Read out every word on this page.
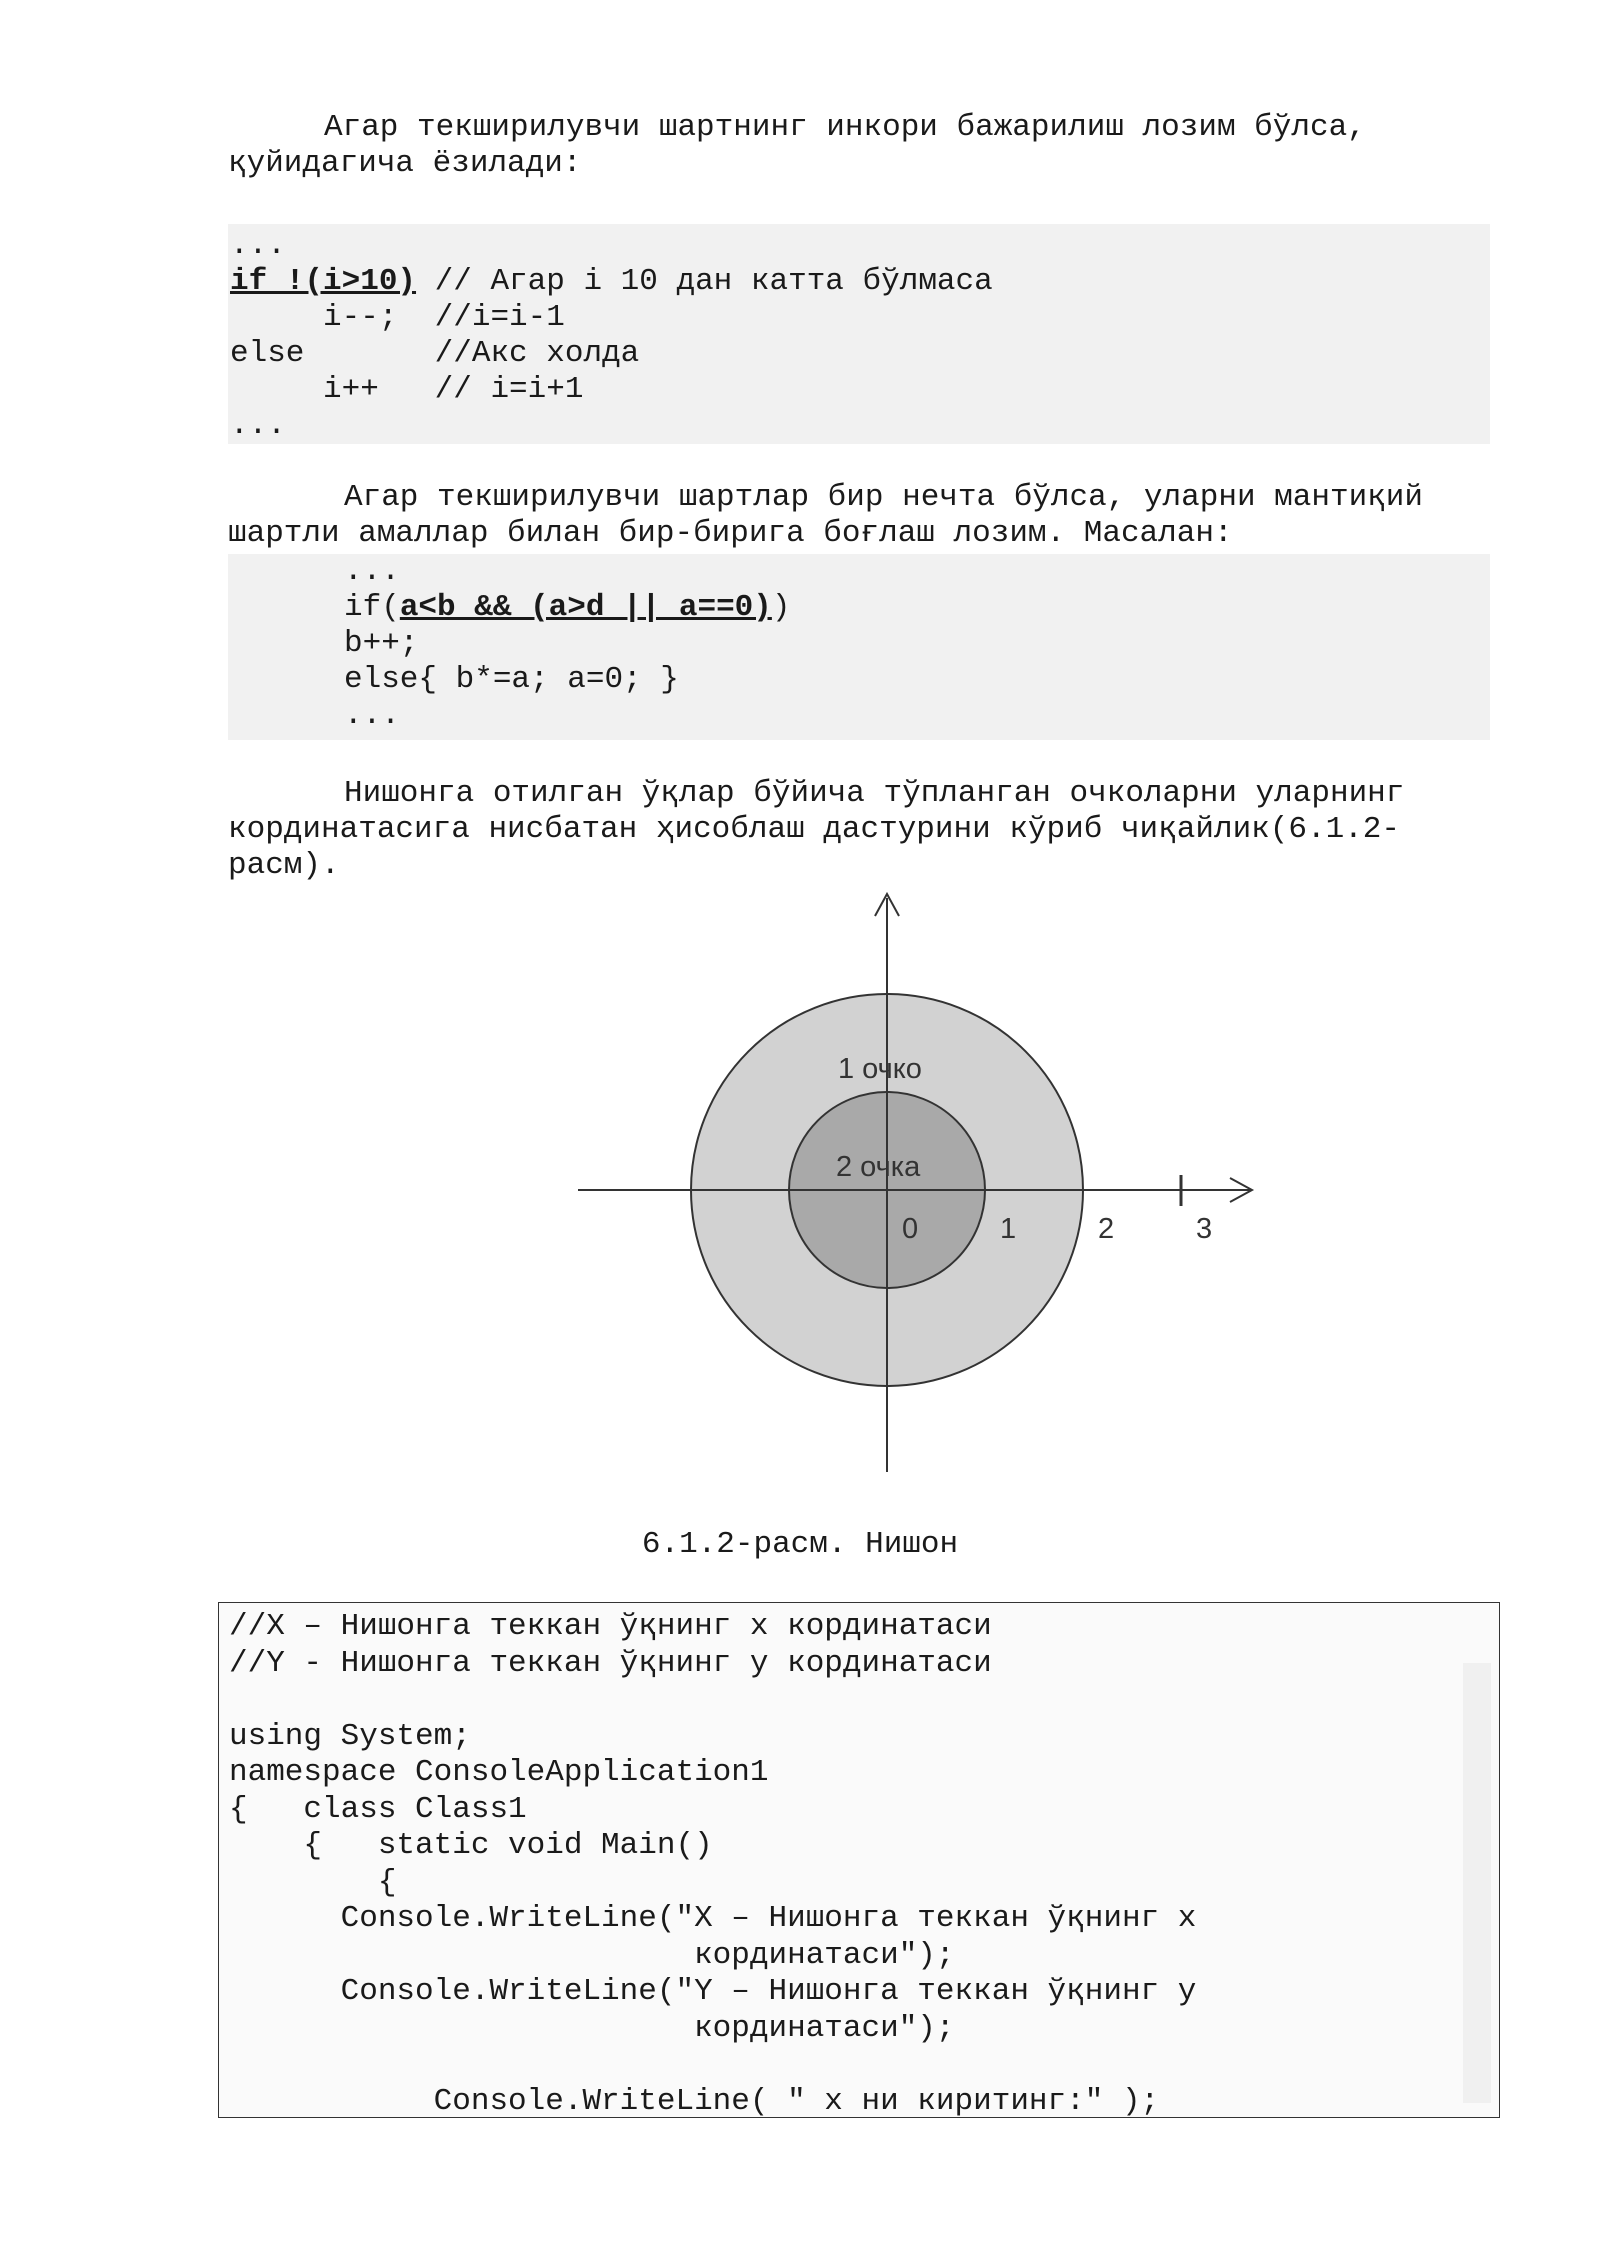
Агар текширилувчи шартнинг инкори бажарилиш лозим бўлса,
қуйидагича ёзилади:
...
if !(i>10) // Агар i 10 дан катта бўлмаса
i--;  //i=i-1
else       //Акс холда
i++   // i=i+1
...
Агар текширилувчи шартлар бир нечта бўлса, уларни мантиқий
шартли амаллар билан бир-бирига боғлаш лозим. Масалан:
...
if(a<b && (a>d || a==0))
b++;
else{ b*=a; a=0; }
...
Нишонга отилган ўқлар бўйича тўпланган очколарни уларнинг
кординатасига нисбатан ҳисоблаш дастурини кўриб чиқайлик(6.1.2-
расм).
1 очко
2 очка
0	1	2	3
6.1.2-расм. Нишон
//X – Нишонга теккан ўқнинг х кординатаси
//Y - Нишонга теккан ўқнинг у кординатаси
using System;
namespace ConsoleApplication1
{   class Class1
{   static void Main()
{
Console.WriteLine("X – Нишонга теккан ўқнинг х
кординатаси");
Console.WriteLine("Y – Нишонга теккан ўқнинг у
кординатаси");
Console.WriteLine( " х ни киритинг:" );
